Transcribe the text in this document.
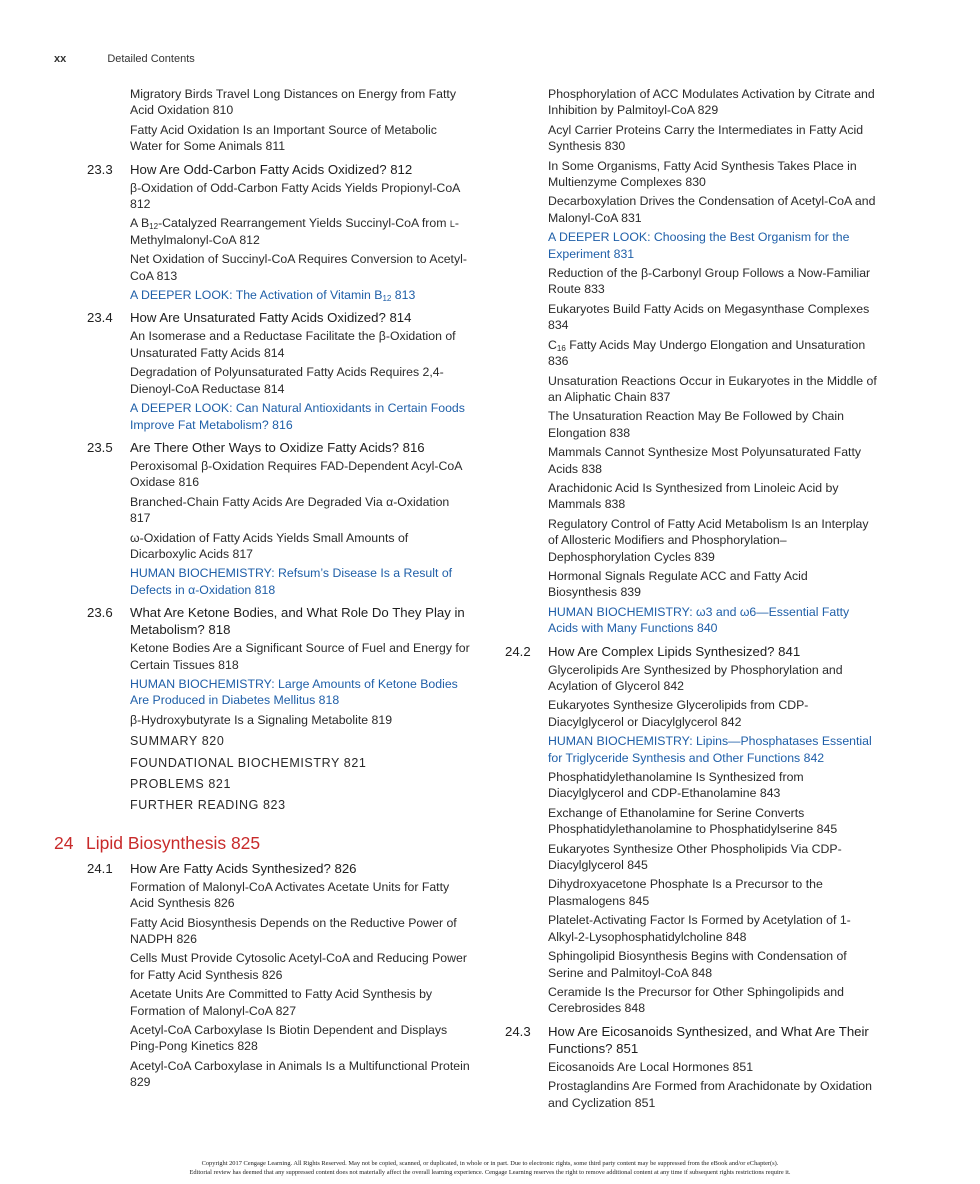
xx	Detailed Contents
Migratory Birds Travel Long Distances on Energy from Fatty Acid Oxidation 810
Fatty Acid Oxidation Is an Important Source of Metabolic Water for Some Animals 811
23.3 How Are Odd-Carbon Fatty Acids Oxidized? 812
β-Oxidation of Odd-Carbon Fatty Acids Yields Propionyl-CoA 812
A $B_{12}$-Catalyzed Rearrangement Yields Succinyl-CoA from l-Methylmalonyl-CoA 812
Net Oxidation of Succinyl-CoA Requires Conversion to Acetyl-CoA 813
A DEEPER LOOK: The Activation of Vitamin $B_{12}$ 813
23.4 How Are Unsaturated Fatty Acids Oxidized? 814
An Isomerase and a Reductase Facilitate the β-Oxidation of Unsaturated Fatty Acids 814
Degradation of Polyunsaturated Fatty Acids Requires 2,4-Dienoyl-CoA Reductase 814
A DEEPER LOOK: Can Natural Antioxidants in Certain Foods Improve Fat Metabolism? 816
23.5 Are There Other Ways to Oxidize Fatty Acids? 816
Peroxisomal β-Oxidation Requires FAD-Dependent Acyl-CoA Oxidase 816
Branched-Chain Fatty Acids Are Degraded Via α-Oxidation 817
ω-Oxidation of Fatty Acids Yields Small Amounts of Dicarboxylic Acids 817
HUMAN BIOCHEMISTRY: Refsum’s Disease Is a Result of Defects in α-Oxidation 818
23.6 What Are Ketone Bodies, and What Role Do They Play in Metabolism? 818
Ketone Bodies Are a Significant Source of Fuel and Energy for Certain Tissues 818
HUMAN BIOCHEMISTRY: Large Amounts of Ketone Bodies Are Produced in Diabetes Mellitus 818
β-Hydroxybutyrate Is a Signaling Metabolite 819
SUMMARY 820
FOUNDATIONAL BIOCHEMISTRY 821
PROBLEMS 821
FURTHER READING 823
24 Lipid Biosynthesis 825
24.1 How Are Fatty Acids Synthesized? 826
Formation of Malonyl-CoA Activates Acetate Units for Fatty Acid Synthesis 826
Fatty Acid Biosynthesis Depends on the Reductive Power of NADPH 826
Cells Must Provide Cytosolic Acetyl-CoA and Reducing Power for Fatty Acid Synthesis 826
Acetate Units Are Committed to Fatty Acid Synthesis by Formation of Malonyl-CoA 827
Acetyl-CoA Carboxylase Is Biotin Dependent and Displays Ping-Pong Kinetics 828
Acetyl-CoA Carboxylase in Animals Is a Multifunctional Protein 829
Phosphorylation of ACC Modulates Activation by Citrate and Inhibition by Palmitoyl-CoA 829
Acyl Carrier Proteins Carry the Intermediates in Fatty Acid Synthesis 830
In Some Organisms, Fatty Acid Synthesis Takes Place in Multienzyme Complexes 830
Decarboxylation Drives the Condensation of Acetyl-CoA and Malonyl-CoA 831
A DEEPER LOOK: Choosing the Best Organism for the Experiment 831
Reduction of the β-Carbonyl Group Follows a Now-Familiar Route 833
Eukaryotes Build Fatty Acids on Megasynthase Complexes 834
$C_{16}$ Fatty Acids May Undergo Elongation and Unsaturation 836
Unsaturation Reactions Occur in Eukaryotes in the Middle of an Aliphatic Chain 837
The Unsaturation Reaction May Be Followed by Chain Elongation 838
Mammals Cannot Synthesize Most Polyunsaturated Fatty Acids 838
Arachidonic Acid Is Synthesized from Linoleic Acid by Mammals 838
Regulatory Control of Fatty Acid Metabolism Is an Interplay of Allosteric Modifiers and Phosphorylation–Dephosphorylation Cycles 839
Hormonal Signals Regulate ACC and Fatty Acid Biosynthesis 839
HUMAN BIOCHEMISTRY: ω3 and ω6—Essential Fatty Acids with Many Functions 840
24.2 How Are Complex Lipids Synthesized? 841
Glycerolipids Are Synthesized by Phosphorylation and Acylation of Glycerol 842
Eukaryotes Synthesize Glycerolipids from CDP-Diacylglycerol or Diacylglycerol 842
HUMAN BIOCHEMISTRY: Lipins—Phosphatases Essential for Triglyceride Synthesis and Other Functions 842
Phosphatidylethanolamine Is Synthesized from Diacylglycerol and CDP-Ethanolamine 843
Exchange of Ethanolamine for Serine Converts Phosphatidylethanolamine to Phosphatidylserine 845
Eukaryotes Synthesize Other Phospholipids Via CDP-Diacylglycerol 845
Dihydroxyacetone Phosphate Is a Precursor to the Plasmalogens 845
Platelet-Activating Factor Is Formed by Acetylation of 1-Alkyl-2-Lysophosphatidylcholine 848
Sphingolipid Biosynthesis Begins with Condensation of Serine and Palmitoyl-CoA 848
Ceramide Is the Precursor for Other Sphingolipids and Cerebrosides 848
24.3 How Are Eicosanoids Synthesized, and What Are Their Functions? 851
Eicosanoids Are Local Hormones 851
Prostaglandins Are Formed from Arachidonate by Oxidation and Cyclization 851
Copyright 2017 Cengage Learning. All Rights Reserved. May not be copied, scanned, or duplicated, in whole or in part. Due to electronic rights, some third party content may be suppressed from the eBook and/or eChapter(s).
Editorial review has deemed that any suppressed content does not materially affect the overall learning experience. Cengage Learning reserves the right to remove additional content at any time if subsequent rights restrictions require it.
